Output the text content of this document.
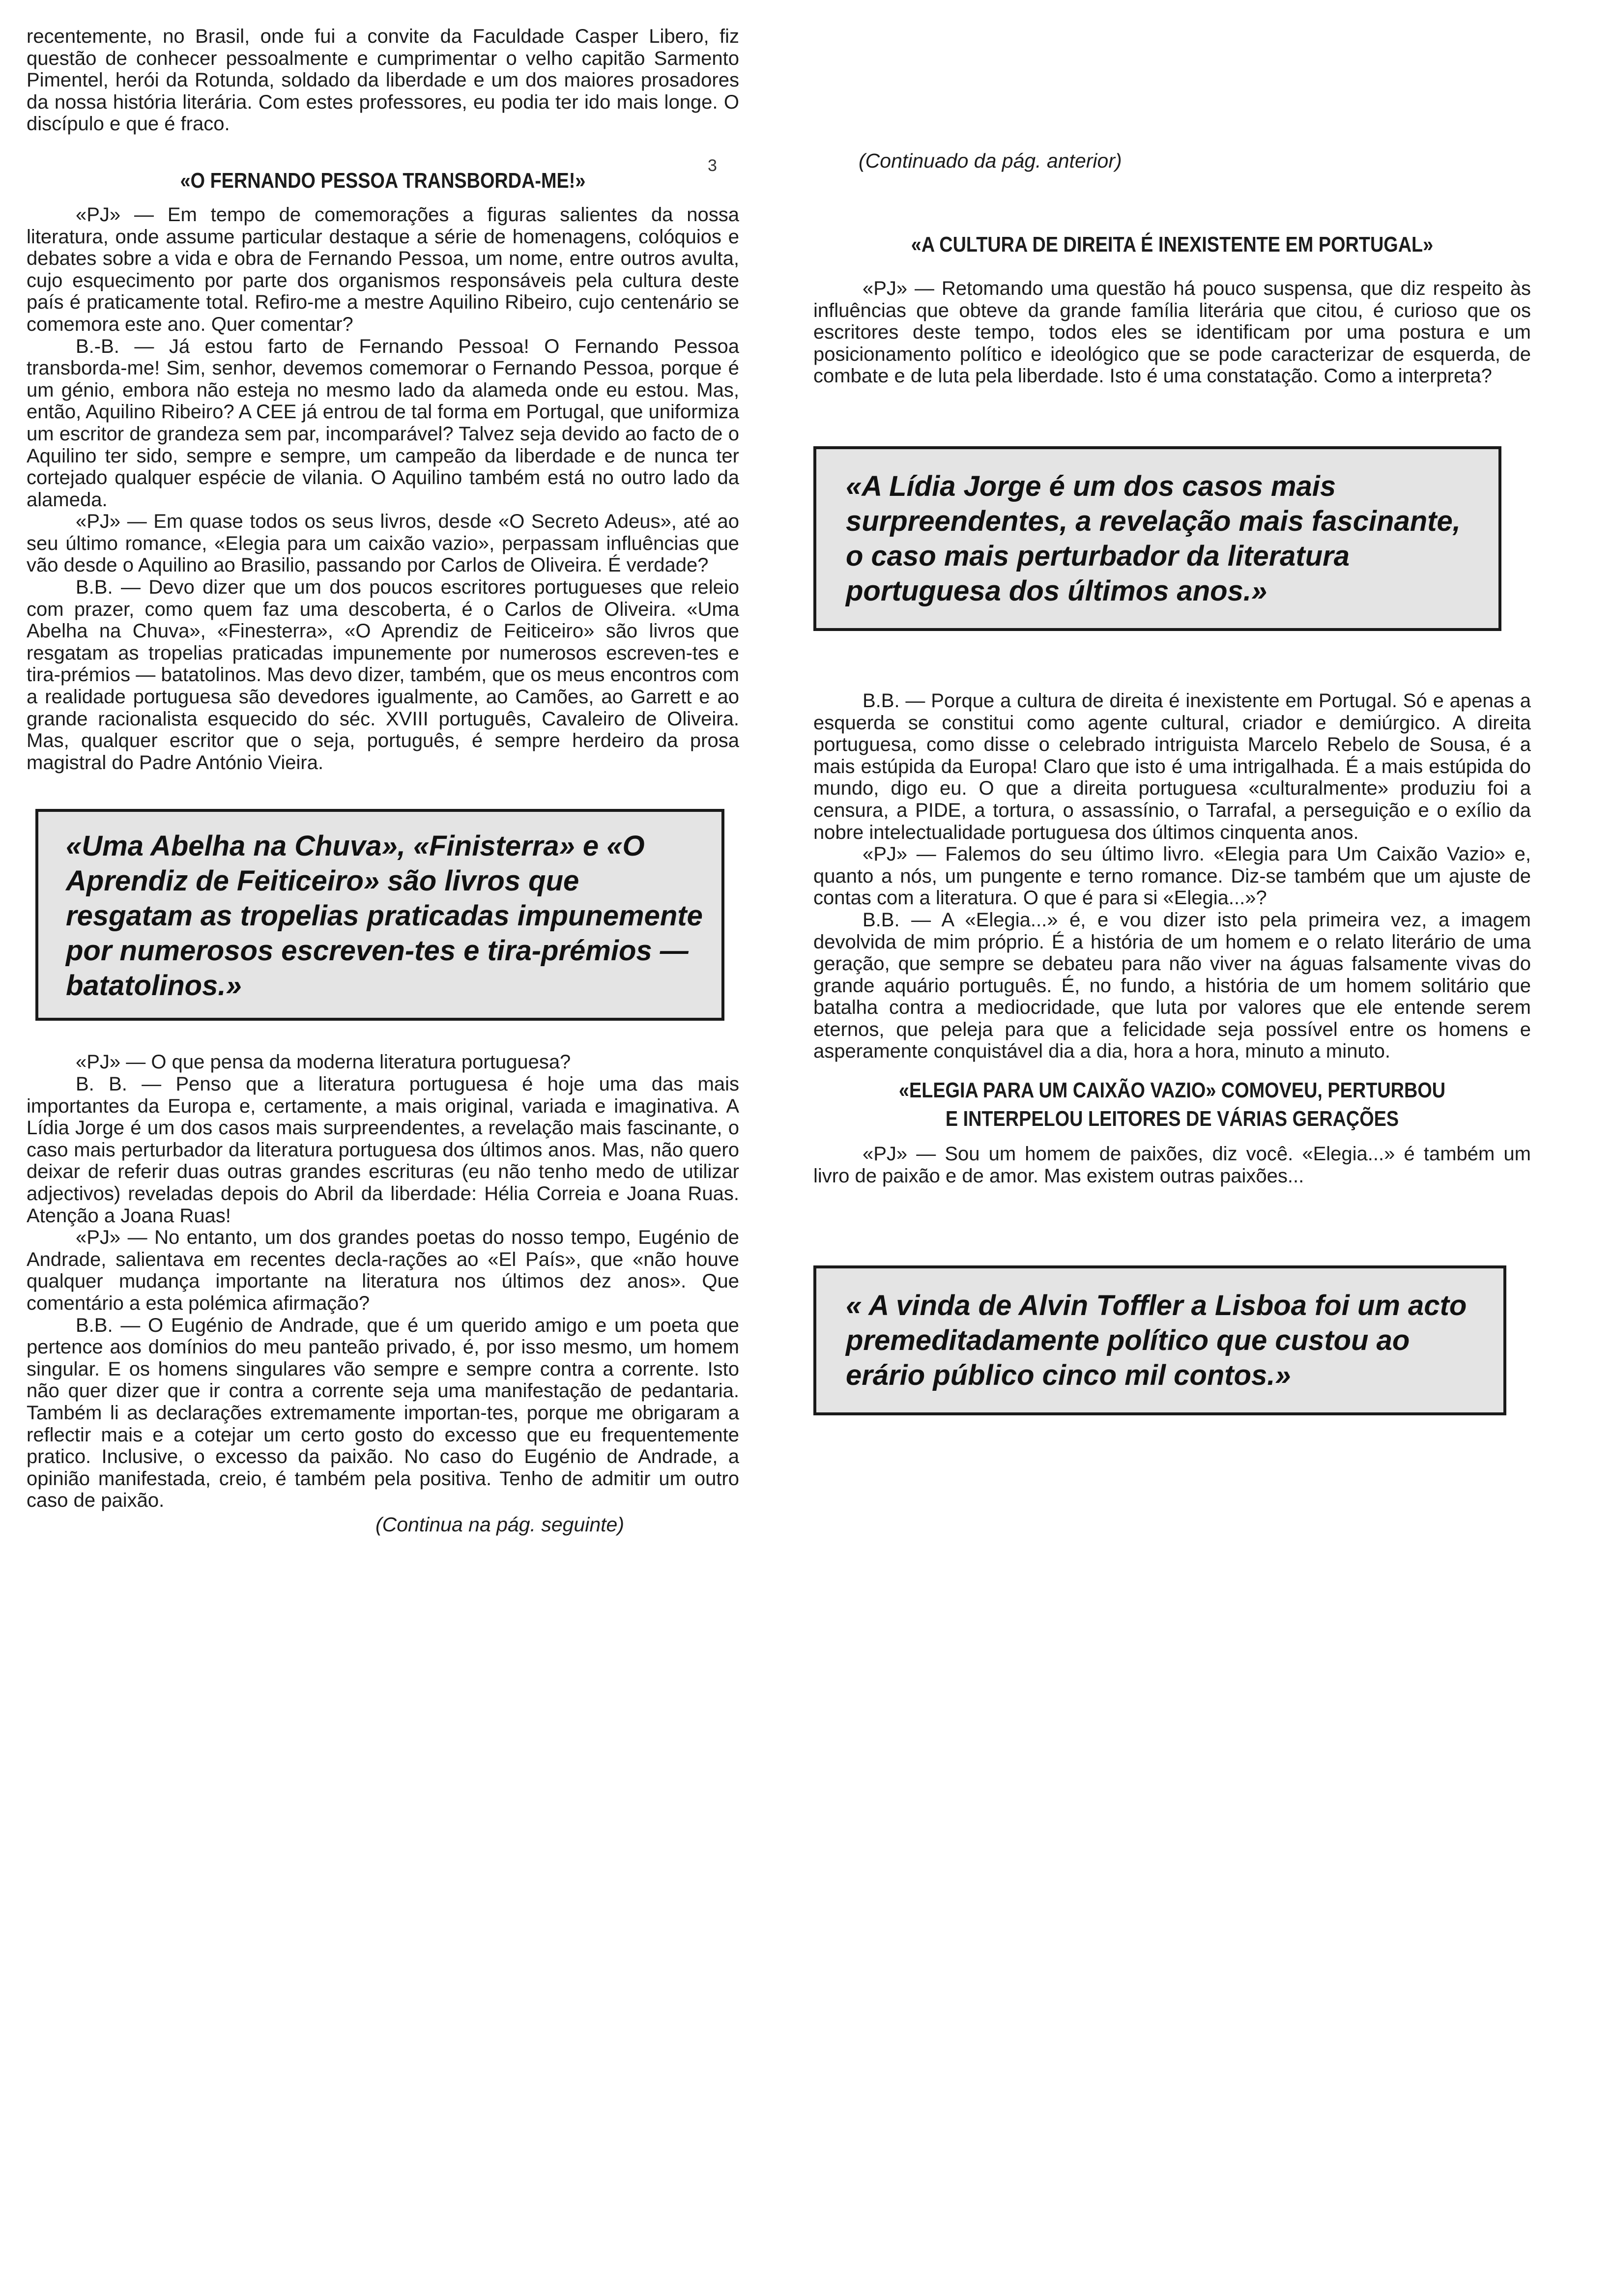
recentemente, no Brasil, onde fui a convite da Faculdade Casper Libero, fiz questão de conhecer pessoalmente e cumprimentar o velho capitão Sarmento Pimentel, herói da Rotunda, soldado da liberdade e um dos maiores prosadores da nossa história literária. Com estes professores, eu podia ter ido mais longe. O discípulo e que é fraco.

«O FERNANDO PESSOA TRANSBORDA-ME!»

«PJ» — Em tempo de comemorações a figuras salientes da nossa literatura, onde assume particular destaque a série de homenagens, colóquios e debates sobre a vida e obra de Fernando Pessoa, um nome, entre outros avulta, cujo esquecimento por parte dos organismos responsáveis pela cultura deste país é praticamente total. Refiro-me a mestre Aquilino Ribeiro, cujo centenário se comemora este ano. Quer comentar?

B.-B. — Já estou farto de Fernando Pessoa! O Fernando Pessoa transborda-me! Sim, senhor, devemos comemorar o Fernando Pessoa, porque é um génio, embora não esteja no mesmo lado da alameda onde eu estou. Mas, então, Aquilino Ribeiro? A CEE já entrou de tal forma em Portugal, que uniformiza um escritor de grandeza sem par, incomparável? Talvez seja devido ao facto de o Aquilino ter sido, sempre e sempre, um campeão da liberdade e de nunca ter cortejado qualquer espécie de vilania. O Aquilino também está no outro lado da alameda.

«PJ» — Em quase todos os seus livros, desde «O Secreto Adeus», até ao seu último romance, «Elegia para um caixão vazio», perpassam influências que vão desde o Aquilino ao Brasilio, passando por Carlos de Oliveira. É verdade?

B.B. — Devo dizer que um dos poucos escritores portugueses que releio com prazer, como quem faz uma descoberta, é o Carlos de Oliveira. «Uma Abelha na Chuva», «Finesterra», «O Aprendiz de Feiticeiro» são livros que resgatam as tropelias praticadas impunemente por numerosos escreven-tes e tira-prémios — batatolinos. Mas devo dizer, também, que os meus encontros com a realidade portuguesa são devedores igualmente, ao Camões, ao Garrett e ao grande racionalista esquecido do séc. XVIII português, Cavaleiro de Oliveira. Mas, qualquer escritor que o seja, português, é sempre herdeiro da prosa magistral do Padre António Vieira.

«Uma Abelha na Chuva», «Finisterra» e «O Aprendiz de Feiticeiro» são livros que resgatam as tropelias praticadas impunemente por numerosos escreven-tes e tira-prémios — batatolinos.»

«PJ» — O que pensa da moderna literatura portuguesa?

B. B. — Penso que a literatura portuguesa é hoje uma das mais importantes da Europa e, certamente, a mais original, variada e imaginativa. A Lídia Jorge é um dos casos mais surpreendentes, a revelação mais fascinante, o caso mais perturbador da literatura portuguesa dos últimos anos. Mas, não quero deixar de referir duas outras grandes escrituras (eu não tenho medo de utilizar adjectivos) reveladas depois do Abril da liberdade: Hélia Correia e Joana Ruas. Atenção a Joana Ruas!

«PJ» — No entanto, um dos grandes poetas do nosso tempo, Eugénio de Andrade, salientava em recentes decla-rações ao «El País», que «não houve qualquer mudança importante na literatura nos últimos dez anos». Que comentário a esta polémica afirmação?

B.B. — O Eugénio de Andrade, que é um querido amigo e um poeta que pertence aos domínios do meu panteão privado, é, por isso mesmo, um homem singular. E os homens singulares vão sempre e sempre contra a corrente. Isto não quer dizer que ir contra a corrente seja uma manifestação de pedantaria. Também li as declarações extremamente importan-tes, porque me obrigaram a reflectir mais e a cotejar um certo gosto do excesso que eu frequentemente pratico. Inclusive, o excesso da paixão. No caso do Eugénio de Andrade, a opinião manifestada, creio, é também pela positiva. Tenho de admitir um outro caso de paixão.

(Continua na pág. seguinte)
3	(Continuado da pág. anterior)
«A CULTURA DE DIREITA É INEXISTENTE EM PORTUGAL»

«PJ» — Retomando uma questão há pouco suspensa, que diz respeito às influências que obteve da grande família literária que citou, é curioso que os escritores deste tempo, todos eles se identificam por uma postura e um posicionamento político e ideológico que se pode caracterizar de esquerda, de combate e de luta pela liberdade. Isto é uma constatação. Como a interpreta?

«A Lídia Jorge é um dos casos mais surpreendentes, a revelação mais fascinante, o caso mais perturbador da literatura portuguesa dos últimos anos.»

B.B. — Porque a cultura de direita é inexistente em Portugal. Só e apenas a esquerda se constitui como agente cultural, criador e demiúrgico. A direita portuguesa, como disse o celebrado intriguista Marcelo Rebelo de Sousa, é a mais estúpida da Europa! Claro que isto é uma intrigalhada. É a mais estúpida do mundo, digo eu. O que a direita portuguesa «culturalmente» produziu foi a censura, a PIDE, a tortura, o assassínio, o Tarrafal, a perseguição e o exílio da nobre intelectualidade portuguesa dos últimos cinquenta anos.

«PJ» — Falemos do seu último livro. «Elegia para Um Caixão Vazio» e, quanto a nós, um pungente e terno romance. Diz-se também que um ajuste de contas com a literatura. O que é para si «Elegia...»?

B.B. — A «Elegia...» é, e vou dizer isto pela primeira vez, a imagem devolvida de mim próprio. É a história de um homem e o relato literário de uma geração, que sempre se debateu para não viver na águas falsamente vivas do grande aquário português. É, no fundo, a história de um homem solitário que batalha contra a mediocridade, que luta por valores que ele entende serem eternos, que peleja para que a felicidade seja possível entre os homens e asperamente conquistável dia a dia, hora a hora, minuto a minuto.

«ELEGIA PARA UM CAIXÃO VAZIO» COMOVEU, PERTURBOU
E INTERPELOU LEITORES DE VÁRIAS GERAÇÕES

«PJ» — Sou um homem de paixões, diz você. «Elegia...» é também um livro de paixão e de amor. Mas existem outras paixões...

« A vinda de Alvin Toffler a Lisboa foi um acto premeditadamente político que custou ao erário público cinco mil contos.»
